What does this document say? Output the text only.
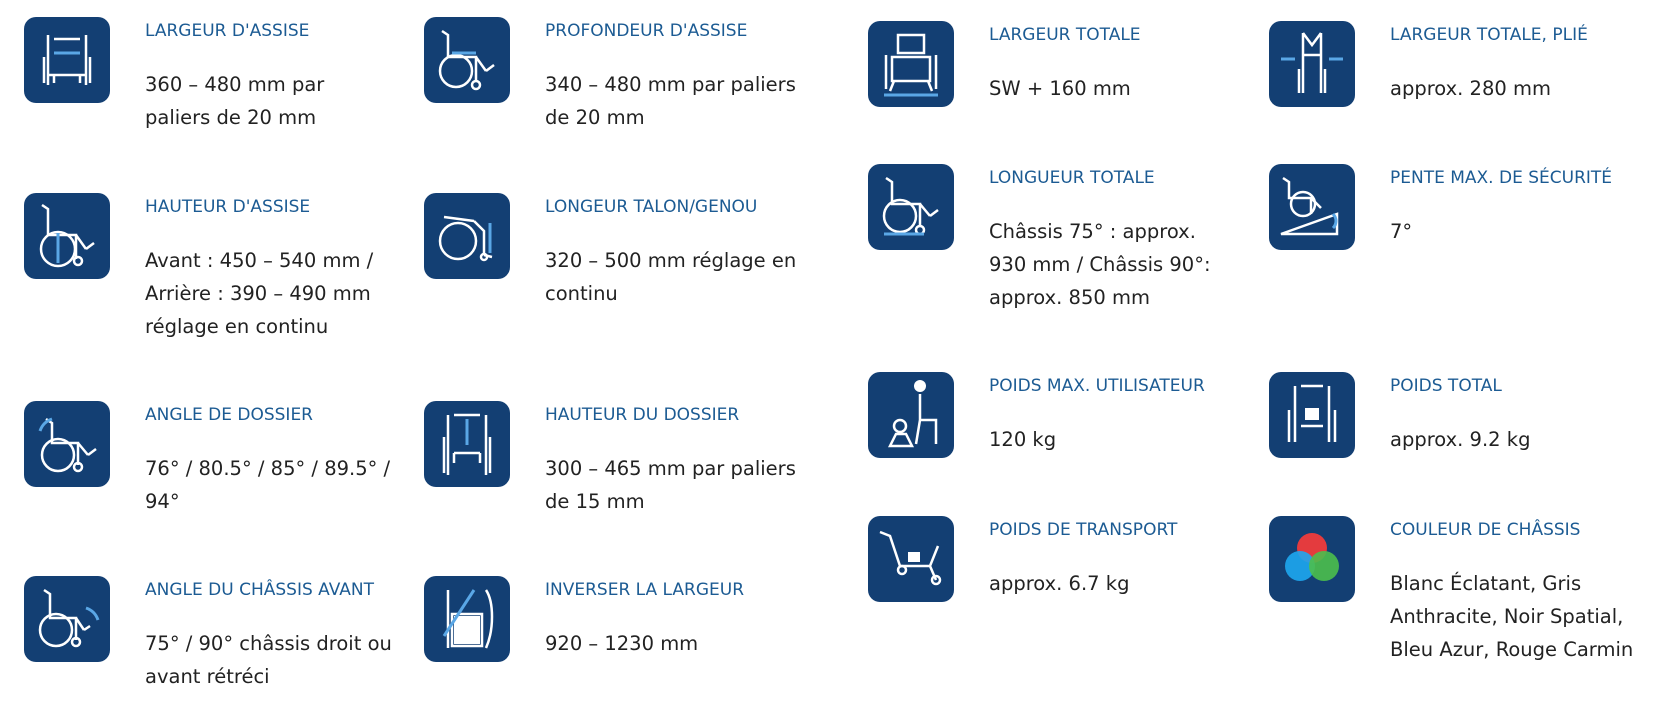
LARGEUR D'ASSISE
360 – 480 mm par paliers de 20 mm
HAUTEUR D'ASSISE
Avant : 450 – 540 mm / Arrière : 390 – 490 mm réglage en continu
ANGLE DE DOSSIER
76° / 80.5° / 85° / 89.5° / 94°
ANGLE DU CHÂSSIS AVANT
75° / 90° châssis droit ou avant rétréci
PROFONDEUR D'ASSISE
340 – 480 mm par paliers de 20 mm
LONGEUR TALON/GENOU
320 – 500 mm réglage en continu
HAUTEUR DU DOSSIER
300 – 465 mm par paliers de 15 mm
INVERSER LA LARGEUR
920 – 1230 mm
LARGEUR TOTALE
SW + 160 mm
LONGUEUR TOTALE
Châssis 75° : approx. 930 mm / Châssis 90°: approx. 850 mm
POIDS MAX. UTILISATEUR
120 kg
POIDS DE TRANSPORT
approx. 6.7 kg
LARGEUR TOTALE, PLIÉ
approx. 280 mm
PENTE MAX. DE SÉCURITÉ
7°
POIDS TOTAL
approx. 9.2 kg
COULEUR DE CHÂSSIS
Blanc Éclatant, Gris Anthracite, Noir Spatial, Bleu Azur, Rouge Carmin
